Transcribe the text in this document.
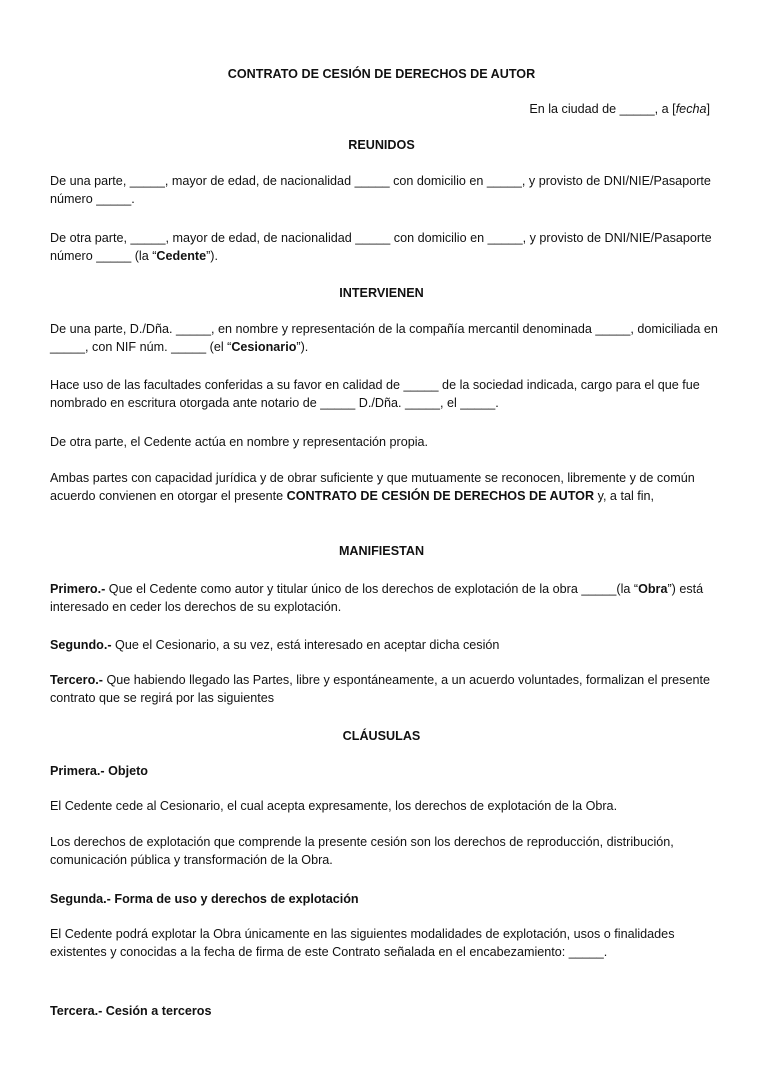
CONTRATO DE CESIÓN DE DERECHOS DE AUTOR
En la ciudad de _____, a [fecha]
REUNIDOS

De una parte, _____, mayor de edad, de nacionalidad _____ con domicilio en _____, y provisto de DNI/NIE/Pasaporte número _____.

De otra parte, _____, mayor de edad, de nacionalidad _____ con domicilio en _____, y provisto de DNI/NIE/Pasaporte número _____ (la “Cedente”).

INTERVIENEN

De una parte, D./Dña. _____, en nombre y representación de la compañía mercantil denominada _____, domiciliada en _____, con NIF núm. _____ (el “Cesionario”).

Hace uso de las facultades conferidas a su favor en calidad de _____ de la sociedad indicada, cargo para el que fue nombrado en escritura otorgada ante notario de _____ D./Dña. _____, el _____.

De otra parte, el Cedente actúa en nombre y representación propia.

Ambas partes con capacidad jurídica y de obrar suficiente y que mutuamente se reconocen, libremente y de común acuerdo convienen en otorgar el presente CONTRATO DE CESIÓN DE DERECHOS DE AUTOR y, a tal fin,

MANIFIESTAN

Primero.- Que el Cedente como autor y titular único de los derechos de explotación de la obra _____(la “Obra”) está interesado en ceder los derechos de su explotación.

Segundo.- Que el Cesionario, a su vez, está interesado en aceptar dicha cesión

Tercero.- Que habiendo llegado las Partes, libre y espontáneamente, a un acuerdo voluntades, formalizan el presente contrato que se regirá por las siguientes

CLÁUSULAS
Primera.- Objeto

El Cedente cede al Cesionario, el cual acepta expresamente, los derechos de explotación de la Obra.

Los derechos de explotación que comprende la presente cesión son los derechos de reproducción, distribución, comunicación pública y transformación de la Obra.

Segunda.- Forma de uso y derechos de explotación

El Cedente podrá explotar la Obra únicamente en las siguientes modalidades de explotación, usos o finalidades existentes y conocidas a la fecha de firma de este Contrato señalada en el encabezamiento: _____.

Tercera.- Cesión a terceros
